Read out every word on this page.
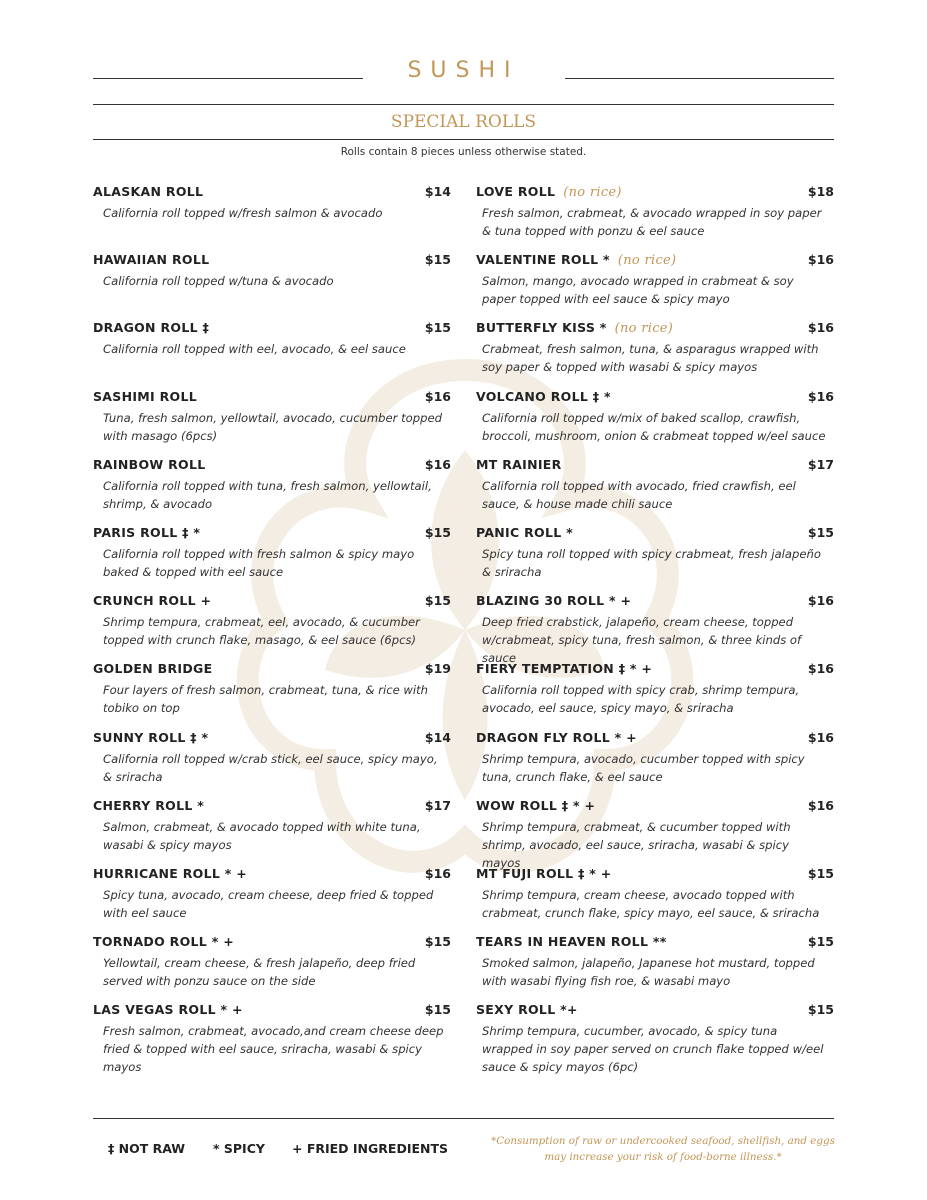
SUSHI
SPECIAL ROLLS
Rolls contain 8 pieces unless otherwise stated.
ALASKAN ROLL	$14
California roll topped w/fresh salmon & avocado
HAWAIIAN ROLL	$15
California roll topped w/tuna & avocado
DRAGON ROLL ‡	$15
California roll topped with eel, avocado, & eel sauce
SASHIMI ROLL	$16
Tuna, fresh salmon, yellowtail, avocado, cucumber topped with masago (6pcs)
RAINBOW ROLL	$16
California roll topped with tuna, fresh salmon, yellowtail, shrimp, & avocado
PARIS ROLL ‡ *	$15
California roll topped with fresh salmon & spicy mayo baked & topped with eel sauce
CRUNCH ROLL +	$15
Shrimp tempura, crabmeat, eel, avocado, & cucumber topped with crunch flake, masago, & eel sauce (6pcs)
GOLDEN BRIDGE	$19
Four layers of fresh salmon, crabmeat, tuna, & rice with tobiko on top
SUNNY ROLL ‡ *	$14
California roll topped w/crab stick, eel sauce, spicy mayo, & sriracha
CHERRY ROLL *	$17
Salmon, crabmeat, & avocado topped with white tuna, wasabi & spicy mayos
HURRICANE ROLL * +	$16
Spicy tuna, avocado, cream cheese, deep fried & topped with eel sauce
TORNADO ROLL * +	$15
Yellowtail, cream cheese, & fresh jalapeño, deep fried served with ponzu sauce on the side
LAS VEGAS ROLL * +	$15
Fresh salmon, crabmeat, avocado,and cream cheese deep fried & topped with eel sauce, sriracha, wasabi & spicy mayos
LOVE ROLL (no rice)	$18
Fresh salmon, crabmeat, & avocado wrapped in soy paper & tuna topped with ponzu & eel sauce
VALENTINE ROLL * (no rice)	$16
Salmon, mango, avocado wrapped in crabmeat & soy paper topped with eel sauce & spicy mayo
BUTTERFLY KISS * (no rice)	$16
Crabmeat, fresh salmon, tuna, & asparagus wrapped with soy paper & topped with wasabi & spicy mayos
VOLCANO ROLL ‡ *	$16
California roll topped w/mix of baked scallop, crawfish, broccoli, mushroom, onion & crabmeat topped w/eel sauce
MT RAINIER	$17
California roll topped with avocado, fried crawfish, eel sauce, & house made chili sauce
PANIC ROLL *	$15
Spicy tuna roll topped with spicy crabmeat, fresh jalapeño & sriracha
BLAZING 30 ROLL * +	$16
Deep fried crabstick, jalapeño, cream cheese, topped w/crabmeat, spicy tuna, fresh salmon, & three kinds of sauce
FIERY TEMPTATION ‡ * +	$16
California roll topped with spicy crab, shrimp tempura, avocado, eel sauce, spicy mayo, & sriracha
DRAGON FLY ROLL * +	$16
Shrimp tempura, avocado, cucumber topped with spicy tuna, crunch flake, & eel sauce
WOW ROLL ‡ * +	$16
Shrimp tempura, crabmeat, & cucumber topped with shrimp, avocado, eel sauce, sriracha, wasabi & spicy mayos
MT FUJI ROLL ‡ * +	$15
Shrimp tempura, cream cheese, avocado topped with crabmeat, crunch flake, spicy mayo, eel sauce, & sriracha
TEARS IN HEAVEN ROLL **	$15
Smoked salmon, jalapeño, Japanese hot mustard, topped with wasabi flying fish roe, & wasabi mayo
SEXY ROLL *+	$15
Shrimp tempura, cucumber, avocado, & spicy tuna wrapped in soy paper served on crunch flake topped w/eel sauce & spicy mayos (6pc)
‡ NOT RAW * SPICY + FRIED INGREDIENTS	*Consumption of raw or undercooked seafood, shellfish, and eggs may increase your risk of food-borne illness.*
